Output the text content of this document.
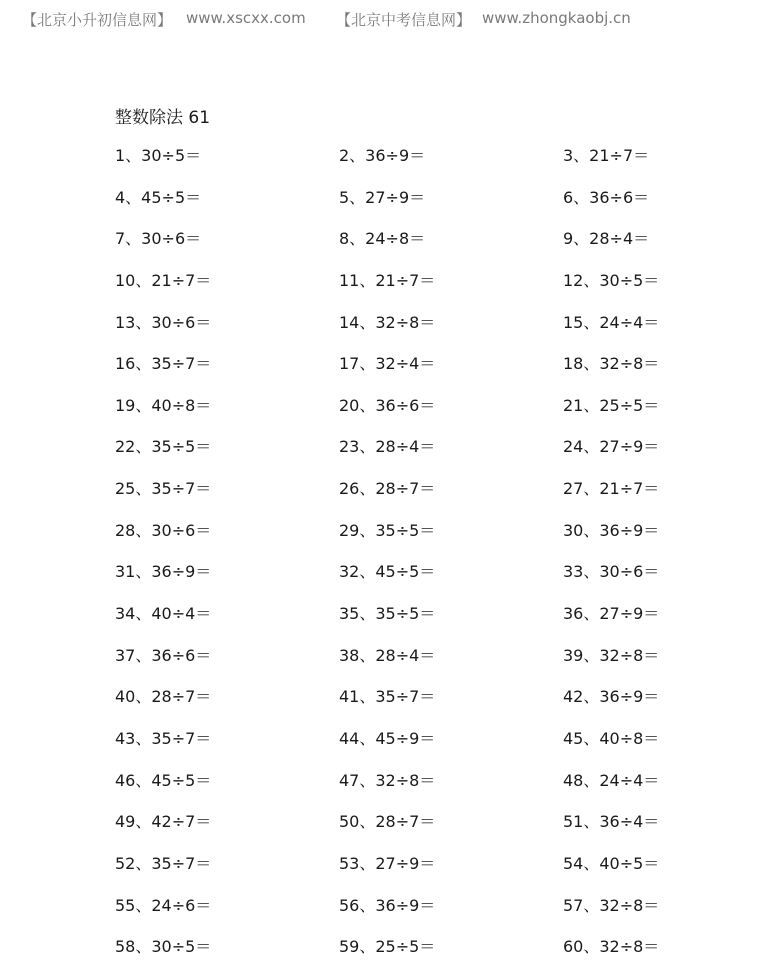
【北京小升初信息网】 www.xscxx.com 【北京中考信息网】 www.zhongkaobj.cn
整数除法 61
1、30÷5＝	2、36÷9＝	3、21÷7＝
4、45÷5＝	5、27÷9＝	6、36÷6＝
7、30÷6＝	8、24÷8＝	9、28÷4＝
10、21÷7＝	11、21÷7＝	12、30÷5＝
13、30÷6＝	14、32÷8＝	15、24÷4＝
16、35÷7＝	17、32÷4＝	18、32÷8＝
19、40÷8＝	20、36÷6＝	21、25÷5＝
22、35÷5＝	23、28÷4＝	24、27÷9＝
25、35÷7＝	26、28÷7＝	27、21÷7＝
28、30÷6＝	29、35÷5＝	30、36÷9＝
31、36÷9＝	32、45÷5＝	33、30÷6＝
34、40÷4＝	35、35÷5＝	36、27÷9＝
37、36÷6＝	38、28÷4＝	39、32÷8＝
40、28÷7＝	41、35÷7＝	42、36÷9＝
43、35÷7＝	44、45÷9＝	45、40÷8＝
46、45÷5＝	47、32÷8＝	48、24÷4＝
49、42÷7＝	50、28÷7＝	51、36÷4＝
52、35÷7＝	53、27÷9＝	54、40÷5＝
55、24÷6＝	56、36÷9＝	57、32÷8＝
58、30÷5＝	59、25÷5＝	60、32÷8＝
